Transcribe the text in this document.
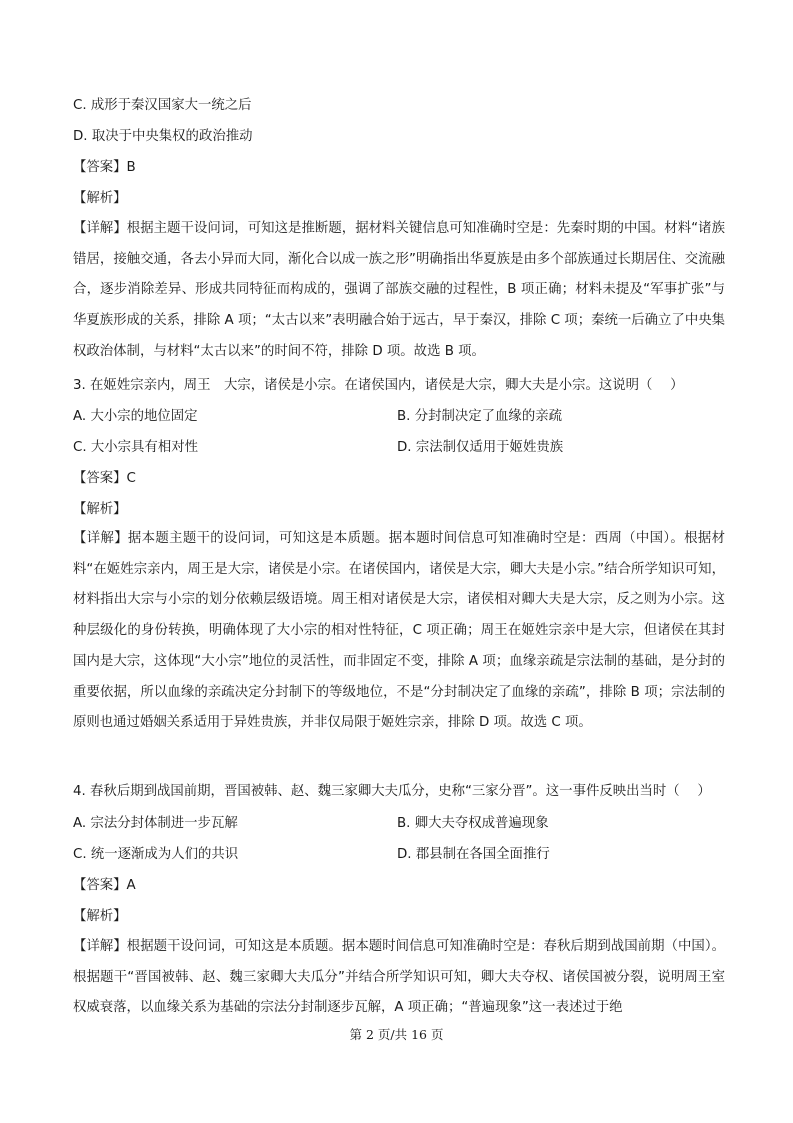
C. 成形于秦汉国家大一统之后
D. 取决于中央集权的政治推动
【答案】B
【解析】
【详解】根据主题干设问词，可知这是推断题，据材料关键信息可知准确时空是：先秦时期的中国。材料“诸族错居，接触交通，各去小异而大同，渐化合以成一族之形”明确指出华夏族是由多个部族通过长期居住、交流融合，逐步消除差异、形成共同特征而构成的，强调了部族交融的过程性，B 项正确；材料未提及“军事扩张”与华夏族形成的关系，排除 A 项；“太古以来”表明融合始于远古，早于秦汉，排除 C 项；秦统一后确立了中央集权政治体制，与材料“太古以来”的时间不符，排除 D 项。故选 B 项。
3. 在姬姓宗亲内，周王　大宗，诸侯是小宗。在诸侯国内，诸侯是大宗，卿大夫是小宗。这说明（　 ）
A. 大小宗的地位固定	B. 分封制决定了血缘的亲疏
C. 大小宗具有相对性	D. 宗法制仅适用于姬姓贵族
【答案】C
【解析】
【详解】据本题主题干的设问词，可知这是本质题。据本题时间信息可知准确时空是：西周（中国）。根据材料“在姬姓宗亲内，周王是大宗，诸侯是小宗。在诸侯国内，诸侯是大宗，卿大夫是小宗。”结合所学知识可知，材料指出大宗与小宗的划分依赖层级语境。周王相对诸侯是大宗，诸侯相对卿大夫是大宗，反之则为小宗。这种层级化的身份转换，明确体现了大小宗的相对性特征，C 项正确；周王在姬姓宗亲中是大宗，但诸侯在其封国内是大宗，这体现“大小宗”地位的灵活性，而非固定不变，排除 A 项；血缘亲疏是宗法制的基础，是分封的重要依据，所以血缘的亲疏决定分封制下的等级地位，不是“分封制决定了血缘的亲疏”，排除 B 项；宗法制的原则也通过婚姻关系适用于异姓贵族，并非仅局限于姬姓宗亲，排除 D 项。故选 C 项。
4. 春秋后期到战国前期，晋国被韩、赵、魏三家卿大夫瓜分，史称“三家分晋”。这一事件反映出当时（　 ）
A. 宗法分封体制进一步瓦解	B. 卿大夫夺权成普遍现象
C. 统一逐渐成为人们的共识	D. 郡县制在各国全面推行
【答案】A
【解析】
【详解】根据题干设问词，可知这是本质题。据本题时间信息可知准确时空是：春秋后期到战国前期（中国）。根据题干“晋国被韩、赵、魏三家卿大夫瓜分”并结合所学知识可知，卿大夫夺权、诸侯国被分裂，说明周王室权威衰落，以血缘关系为基础的宗法分封制逐步瓦解，A 项正确；“普遍现象”这一表述过于绝
第 2 页/共 16 页
